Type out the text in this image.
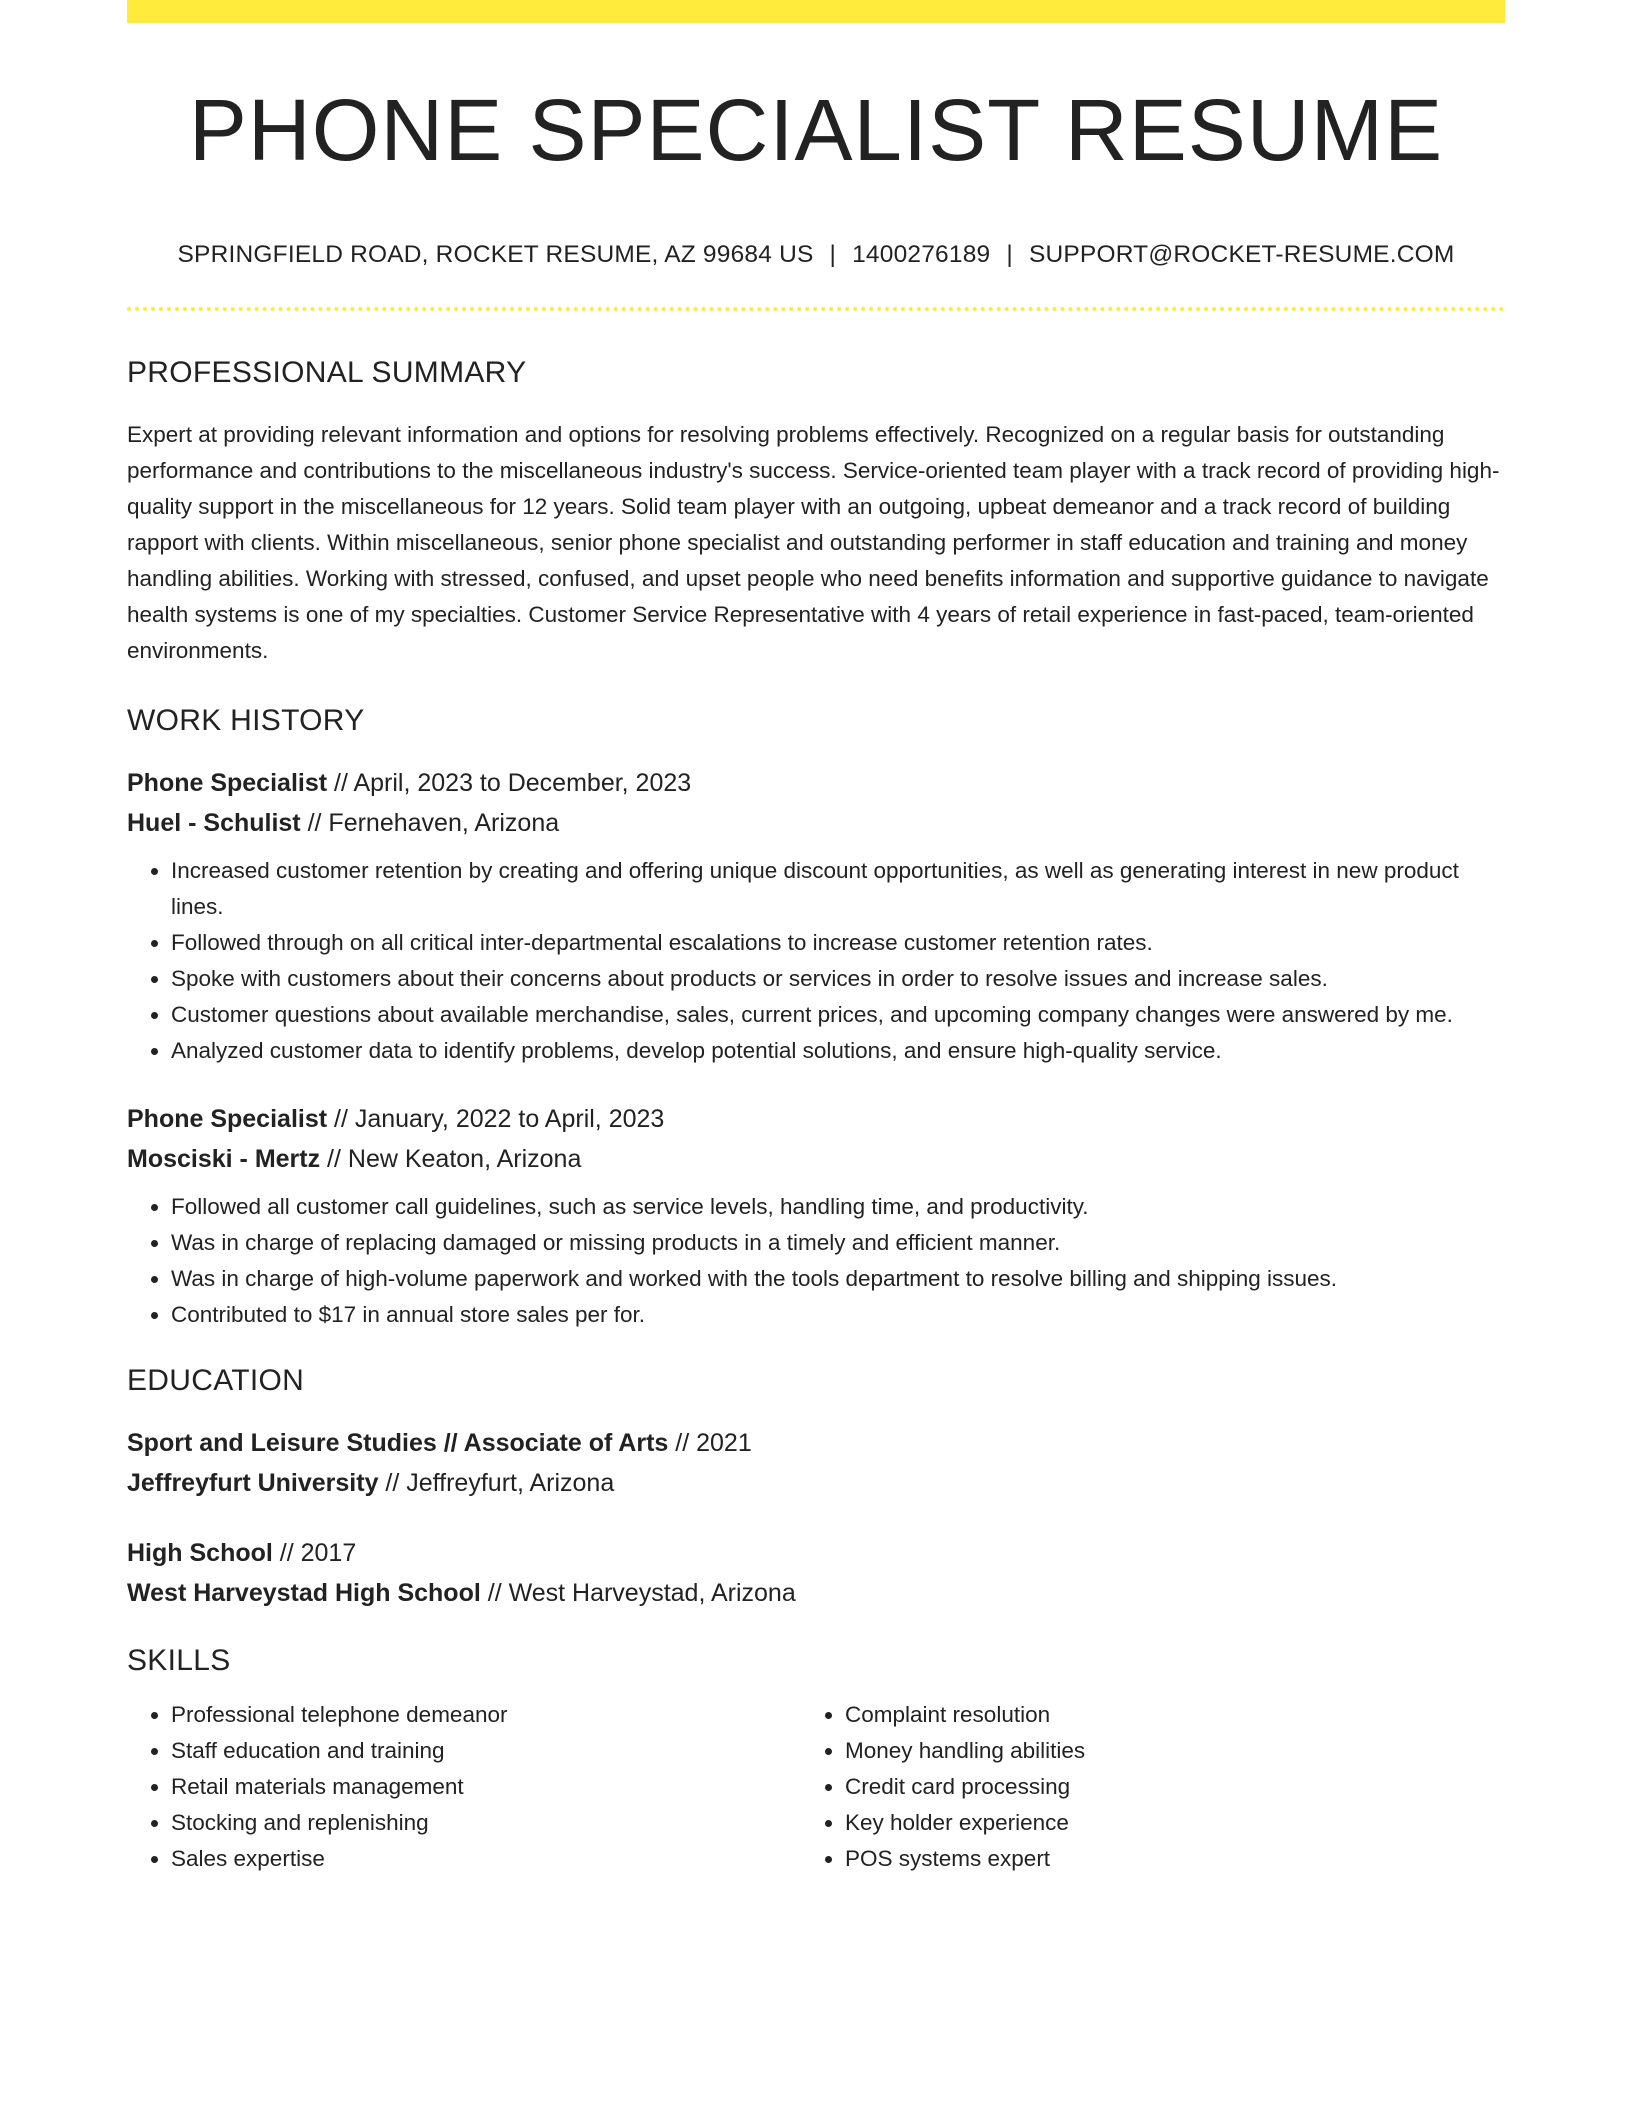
PHONE SPECIALIST RESUME
SPRINGFIELD ROAD, ROCKET RESUME, AZ 99684 US | 1400276189 | SUPPORT@ROCKET-RESUME.COM
PROFESSIONAL SUMMARY
Expert at providing relevant information and options for resolving problems effectively. Recognized on a regular basis for outstanding performance and contributions to the miscellaneous industry's success. Service-oriented team player with a track record of providing high-quality support in the miscellaneous for 12 years. Solid team player with an outgoing, upbeat demeanor and a track record of building rapport with clients. Within miscellaneous, senior phone specialist and outstanding performer in staff education and training and money handling abilities. Working with stressed, confused, and upset people who need benefits information and supportive guidance to navigate health systems is one of my specialties. Customer Service Representative with 4 years of retail experience in fast-paced, team-oriented environments.
WORK HISTORY
Phone Specialist // April, 2023 to December, 2023
Huel - Schulist // Fernehaven, Arizona
• Increased customer retention by creating and offering unique discount opportunities, as well as generating interest in new product lines.
• Followed through on all critical inter-departmental escalations to increase customer retention rates.
• Spoke with customers about their concerns about products or services in order to resolve issues and increase sales.
• Customer questions about available merchandise, sales, current prices, and upcoming company changes were answered by me.
• Analyzed customer data to identify problems, develop potential solutions, and ensure high-quality service.
Phone Specialist // January, 2022 to April, 2023
Mosciski - Mertz // New Keaton, Arizona
• Followed all customer call guidelines, such as service levels, handling time, and productivity.
• Was in charge of replacing damaged or missing products in a timely and efficient manner.
• Was in charge of high-volume paperwork and worked with the tools department to resolve billing and shipping issues.
• Contributed to $17 in annual store sales per for.
EDUCATION
Sport and Leisure Studies // Associate of Arts // 2021
Jeffreyfurt University // Jeffreyfurt, Arizona
High School // 2017
West Harveystad High School // West Harveystad, Arizona
SKILLS
• Professional telephone demeanor
• Staff education and training
• Retail materials management
• Stocking and replenishing
• Sales expertise
• Complaint resolution
• Money handling abilities
• Credit card processing
• Key holder experience
• POS systems expert
